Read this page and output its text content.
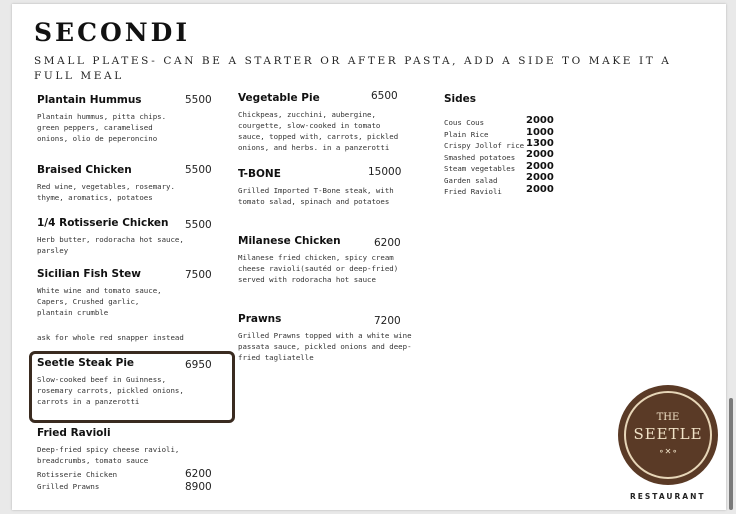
SECONDI
SMALL PLATES- CAN BE A STARTER OR AFTER PASTA, ADD A SIDE TO MAKE IT A FULL MEAL
Plantain Hummus
Plantain hummus, pitta chips. green peppers, caramelised onions, olio de peperoncino
5500
Braised Chicken
Red wine, vegetables, rosemary. thyme, aromatics, potatoes
5500
1/4 Rotisserie Chicken
Herb butter, rodoracha hot sauce, parsley
5500
Sicilian Fish Stew
White wine and tomato sauce, Capers, Crushed garlic, plantain crumble
7500
ask for whole red snapper instead
Seetle Steak Pie
Slow-cooked beef in Guinness, rosemary carrots, pickled onions, carrots in a panzerotti
6950
Fried Ravioli
Deep-fried spicy cheese ravioli, breadcrumbs, tomato sauce
Rotisserie Chicken	6200
Grilled Prawns	8900
Vegetable Pie
Chickpeas, zucchini, aubergine, courgette, slow-cooked in tomato sauce, topped with, carrots, pickled onions, and herbs. in a panzerotti
6500
T-BONE
Grilled Imported T-Bone steak, with tomato salad, spinach and potatoes
15000
Milanese Chicken
Milanese fried chicken, spicy cream cheese ravioli(sautéd or deep-fried) served with rodoracha hot sauce
6200
Prawns
Grilled Prawns topped with a white wine passata sauce, pickled onions and deep-fried tagliatelle
7200
Sides
Cous Cous	2000
Plain Rice	1000
Crispy Jollof rice 1300
Smashed potatoes 2000
Steam vegetables 2000
Garden salad	2000
Fried Ravioli 2000
THE
SEETLE
⚬✕⚬
RESTAURANT
